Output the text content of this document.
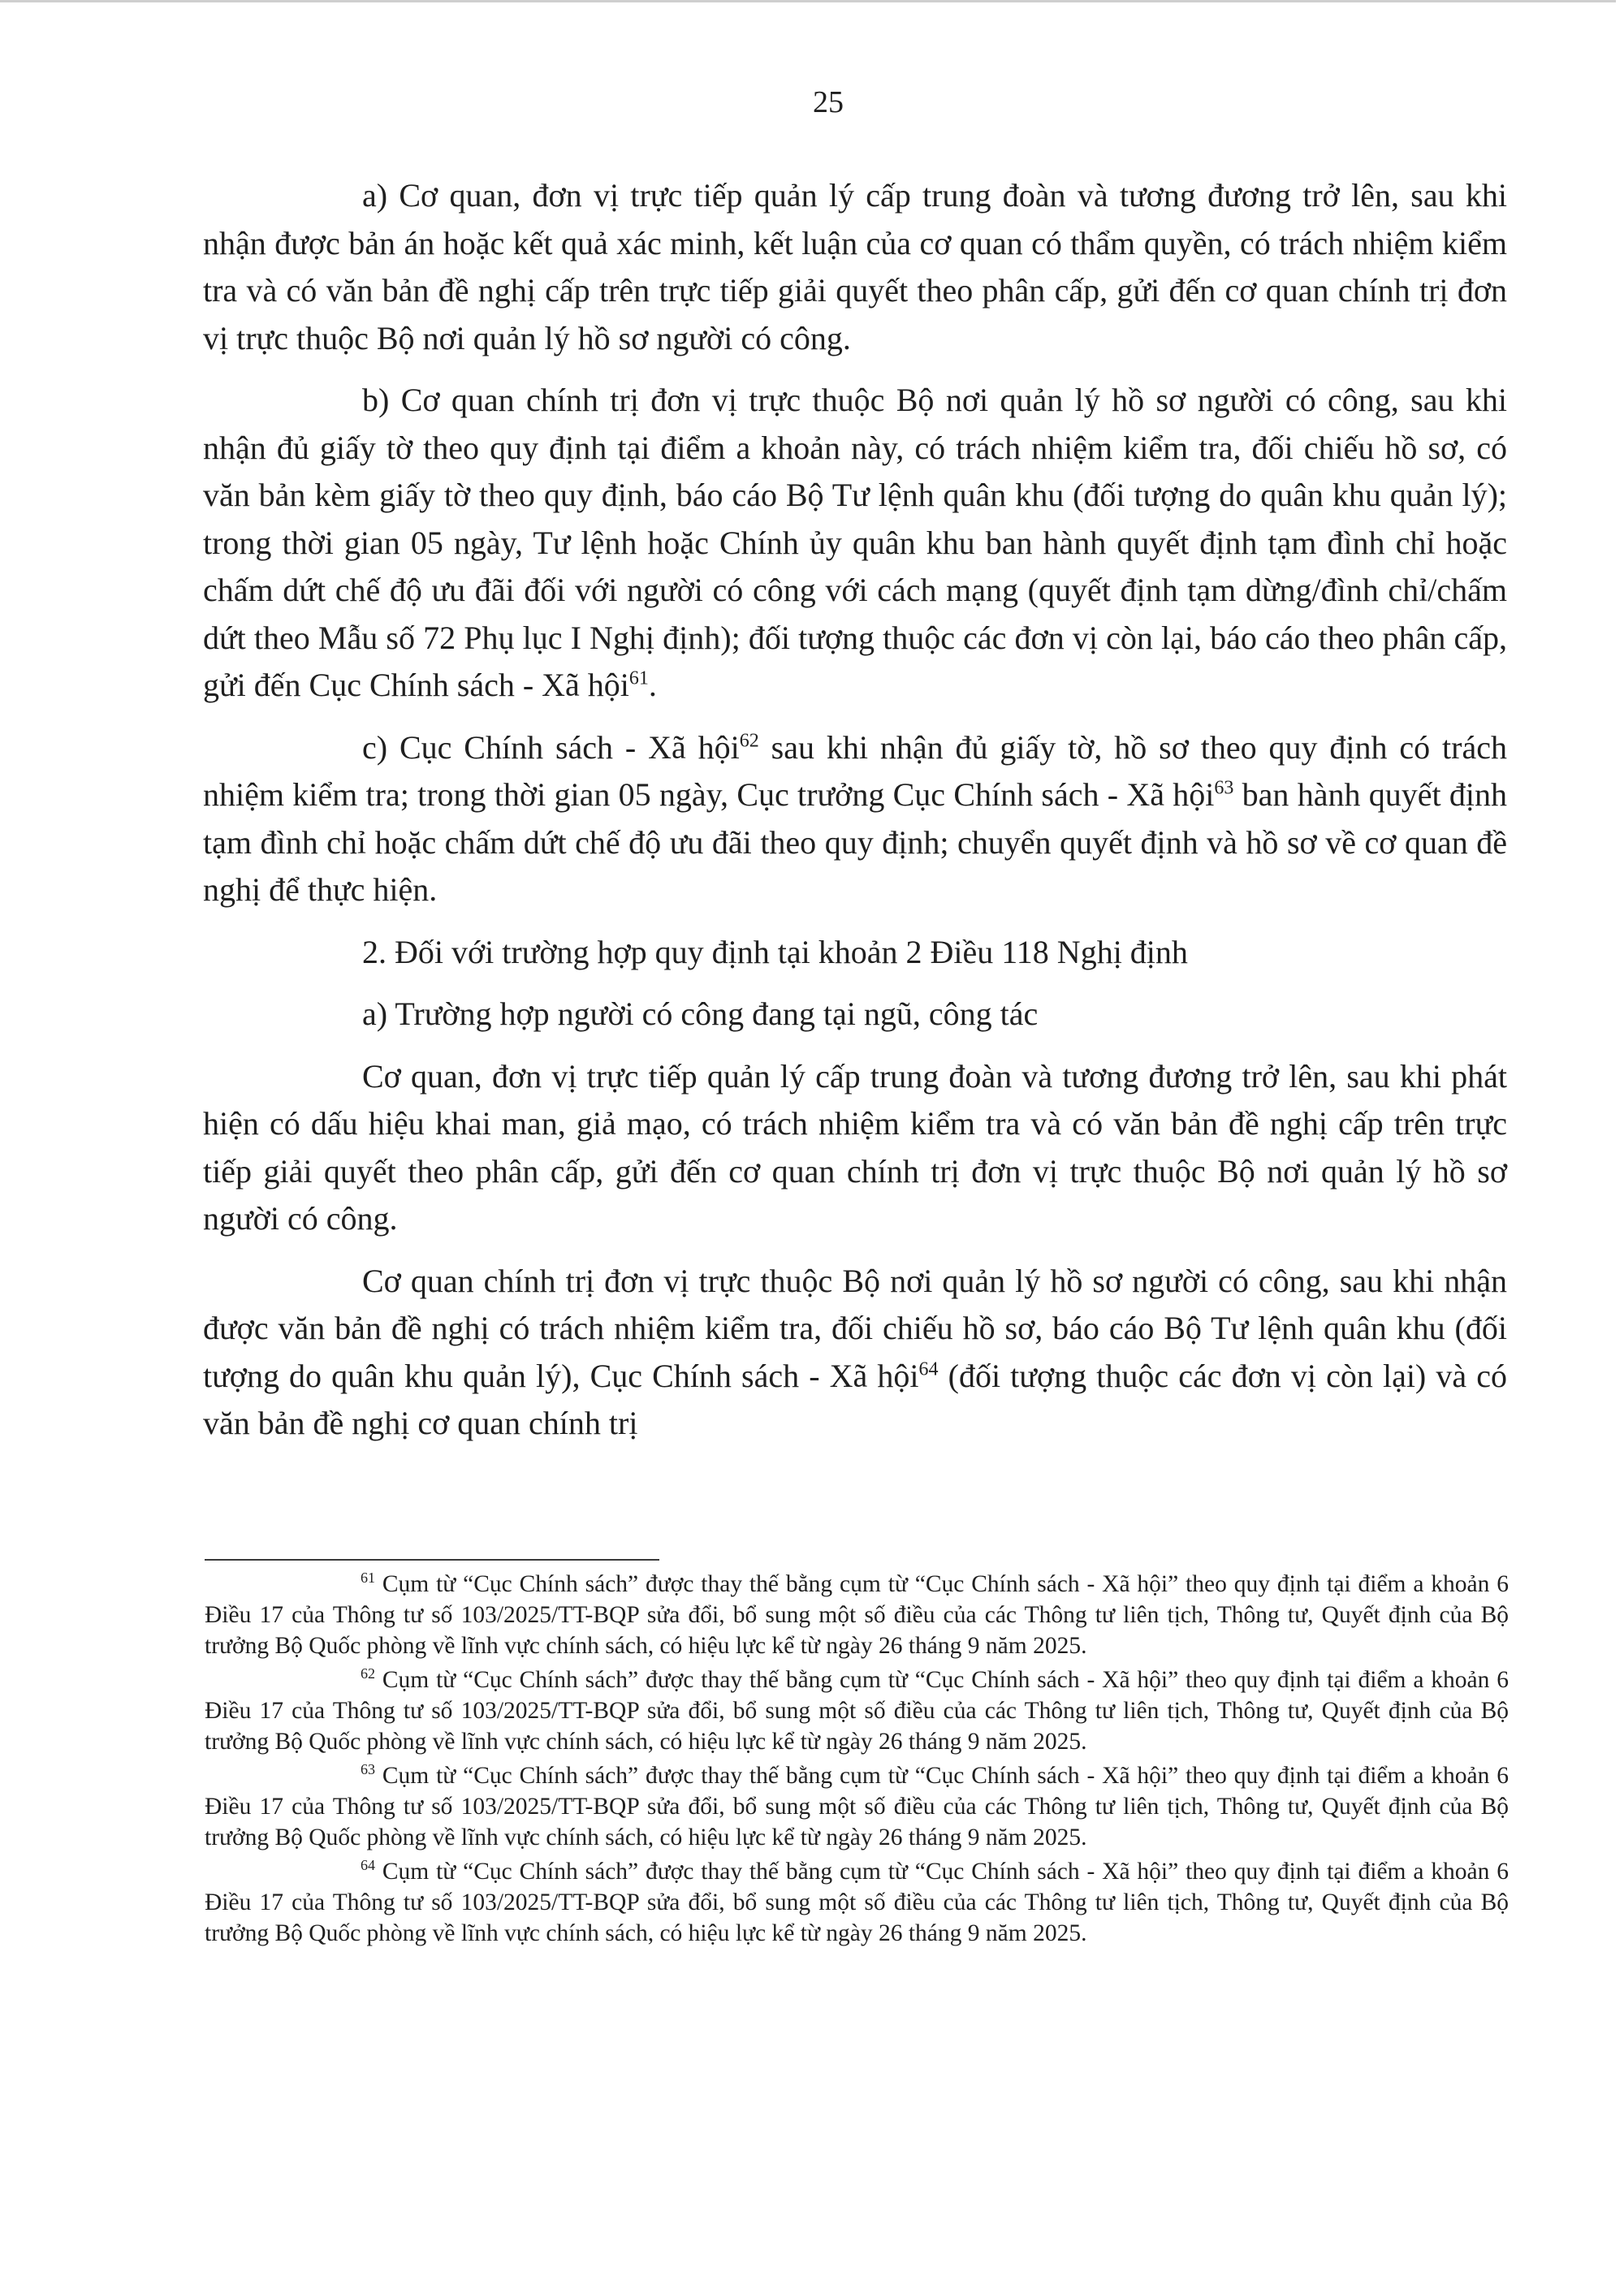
25

a) Cơ quan, đơn vị trực tiếp quản lý cấp trung đoàn và tương đương trở lên, sau khi nhận được bản án hoặc kết quả xác minh, kết luận của cơ quan có thẩm quyền, có trách nhiệm kiểm tra và có văn bản đề nghị cấp trên trực tiếp giải quyết theo phân cấp, gửi đến cơ quan chính trị đơn vị trực thuộc Bộ nơi quản lý hồ sơ người có công.

b) Cơ quan chính trị đơn vị trực thuộc Bộ nơi quản lý hồ sơ người có công, sau khi nhận đủ giấy tờ theo quy định tại điểm a khoản này, có trách nhiệm kiểm tra, đối chiếu hồ sơ, có văn bản kèm giấy tờ theo quy định, báo cáo Bộ Tư lệnh quân khu (đối tượng do quân khu quản lý); trong thời gian 05 ngày, Tư lệnh hoặc Chính ủy quân khu ban hành quyết định tạm đình chỉ hoặc chấm dứt chế độ ưu đãi đối với người có công với cách mạng (quyết định tạm dừng/đình chỉ/chấm dứt theo Mẫu số 72 Phụ lục I Nghị định); đối tượng thuộc các đơn vị còn lại, báo cáo theo phân cấp, gửi đến Cục Chính sách - Xã hội$^{61}$.

c) Cục Chính sách - Xã hội$^{62}$ sau khi nhận đủ giấy tờ, hồ sơ theo quy định có trách nhiệm kiểm tra; trong thời gian 05 ngày, Cục trưởng Cục Chính sách - Xã hội$^{63}$ ban hành quyết định tạm đình chỉ hoặc chấm dứt chế độ ưu đãi theo quy định; chuyển quyết định và hồ sơ về cơ quan đề nghị để thực hiện.

2. Đối với trường hợp quy định tại khoản 2 Điều 118 Nghị định

a) Trường hợp người có công đang tại ngũ, công tác

Cơ quan, đơn vị trực tiếp quản lý cấp trung đoàn và tương đương trở lên, sau khi phát hiện có dấu hiệu khai man, giả mạo, có trách nhiệm kiểm tra và có văn bản đề nghị cấp trên trực tiếp giải quyết theo phân cấp, gửi đến cơ quan chính trị đơn vị trực thuộc Bộ nơi quản lý hồ sơ người có công.

Cơ quan chính trị đơn vị trực thuộc Bộ nơi quản lý hồ sơ người có công, sau khi nhận được văn bản đề nghị có trách nhiệm kiểm tra, đối chiếu hồ sơ, báo cáo Bộ Tư lệnh quân khu (đối tượng do quân khu quản lý), Cục Chính sách - Xã hội$^{64}$ (đối tượng thuộc các đơn vị còn lại) và có văn bản đề nghị cơ quan chính trị

$^{61}$ Cụm từ “Cục Chính sách” được thay thế bằng cụm từ “Cục Chính sách - Xã hội” theo quy định tại điểm a khoản 6 Điều 17 của Thông tư số 103/2025/TT-BQP sửa đổi, bổ sung một số điều của các Thông tư liên tịch, Thông tư, Quyết định của Bộ trưởng Bộ Quốc phòng về lĩnh vực chính sách, có hiệu lực kể từ ngày 26 tháng 9 năm 2025.

$^{62}$ Cụm từ “Cục Chính sách” được thay thế bằng cụm từ “Cục Chính sách - Xã hội” theo quy định tại điểm a khoản 6 Điều 17 của Thông tư số 103/2025/TT-BQP sửa đổi, bổ sung một số điều của các Thông tư liên tịch, Thông tư, Quyết định của Bộ trưởng Bộ Quốc phòng về lĩnh vực chính sách, có hiệu lực kể từ ngày 26 tháng 9 năm 2025.

$^{63}$ Cụm từ “Cục Chính sách” được thay thế bằng cụm từ “Cục Chính sách - Xã hội” theo quy định tại điểm a khoản 6 Điều 17 của Thông tư số 103/2025/TT-BQP sửa đổi, bổ sung một số điều của các Thông tư liên tịch, Thông tư, Quyết định của Bộ trưởng Bộ Quốc phòng về lĩnh vực chính sách, có hiệu lực kể từ ngày 26 tháng 9 năm 2025.

$^{64}$ Cụm từ “Cục Chính sách” được thay thế bằng cụm từ “Cục Chính sách - Xã hội” theo quy định tại điểm a khoản 6 Điều 17 của Thông tư số 103/2025/TT-BQP sửa đổi, bổ sung một số điều của các Thông tư liên tịch, Thông tư, Quyết định của Bộ trưởng Bộ Quốc phòng về lĩnh vực chính sách, có hiệu lực kể từ ngày 26 tháng 9 năm 2025.
